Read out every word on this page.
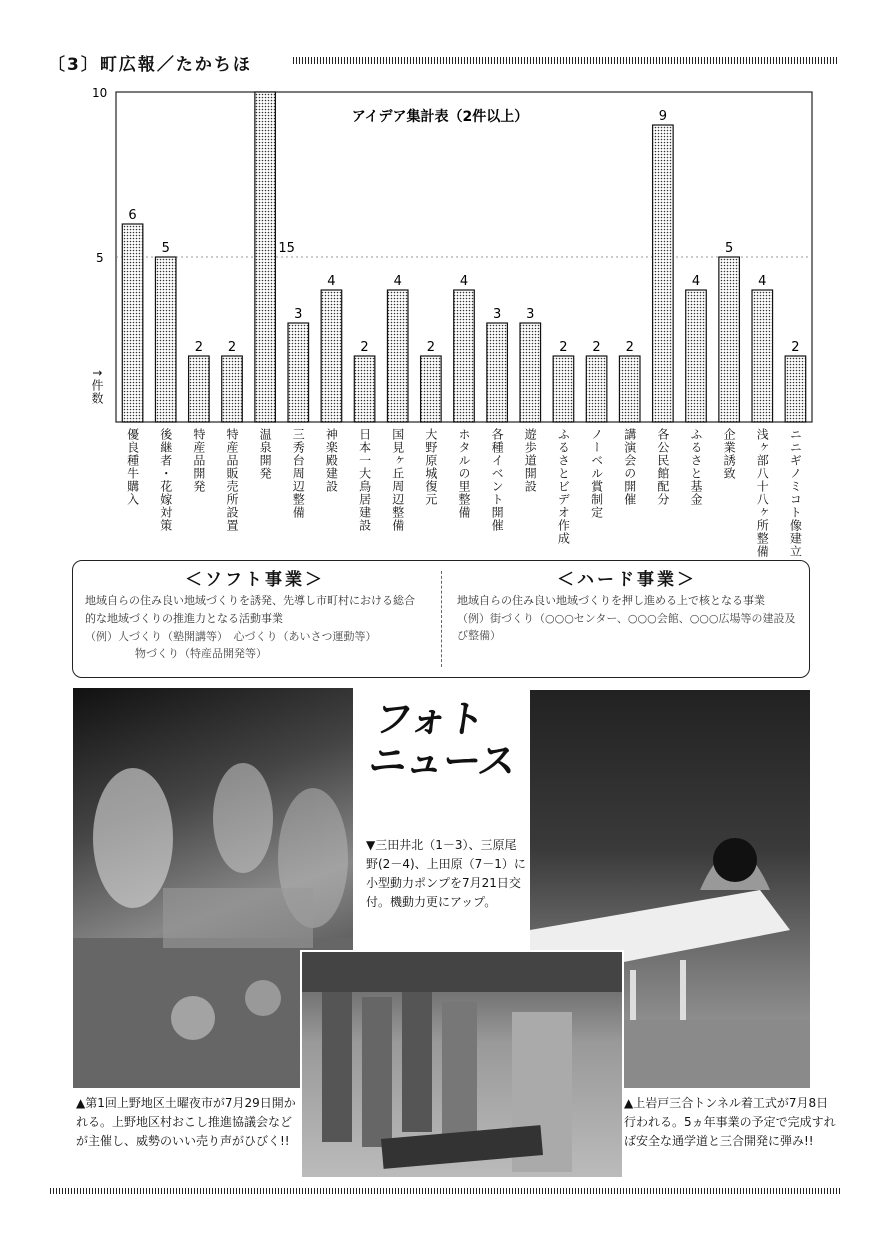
〔3〕町広報／たかちほ
10
5
アイデア集計表（2件以上）
6
5
2 2
15
3
4
2
4
2
4
3 3
2 2 2
9
4
5
4
2
↑件数
優良種牛購入 後継者・花嫁対策 特産品開発 特産品販売所設置 温泉開発 三秀台周辺整備 神楽殿建設 日本一大鳥居建設 国見ヶ丘周辺整備 大野原城復元 ホタルの里整備 各種イベント開催 遊歩道開設 ふるさとビデオ作成 ノーベル賞制定 講演会の開催 各公民館配分 ふるさと基金 企業誘致 浅ヶ部八十八ヶ所整備 ニニギノミコト像建立
＜ソフト事業＞
地域自らの住み良い地域づくりを誘発、先導し市町村における総合的な地域づくりの推進力となる活動事業
（例）人づくり（塾開講等）　心づくり（あいさつ運動等）
物づくり（特産品開発等）
＜ハード事業＞
地域自らの住み良い地域づくりを押し進める上で核となる事業
（例）街づくり（○○○センター、○○○会館、○○○広場等の建設及び整備）
フォト
ニュース
▼三田井北（1－3）、三原尾野(2－4)、上田原（7－1）に小型動力ポンプを7月21日交付。機動力更にアップ。
▲第1回上野地区土曜夜市が7月29日開かれる。上野地区村おこし推進協議会などが主催し、威勢のいい売り声がひびく!!
▲上岩戸三合トンネル着工式が7月8日行われる。5ヵ年事業の予定で完成すれば安全な通学道と三合開発に弾み!!
